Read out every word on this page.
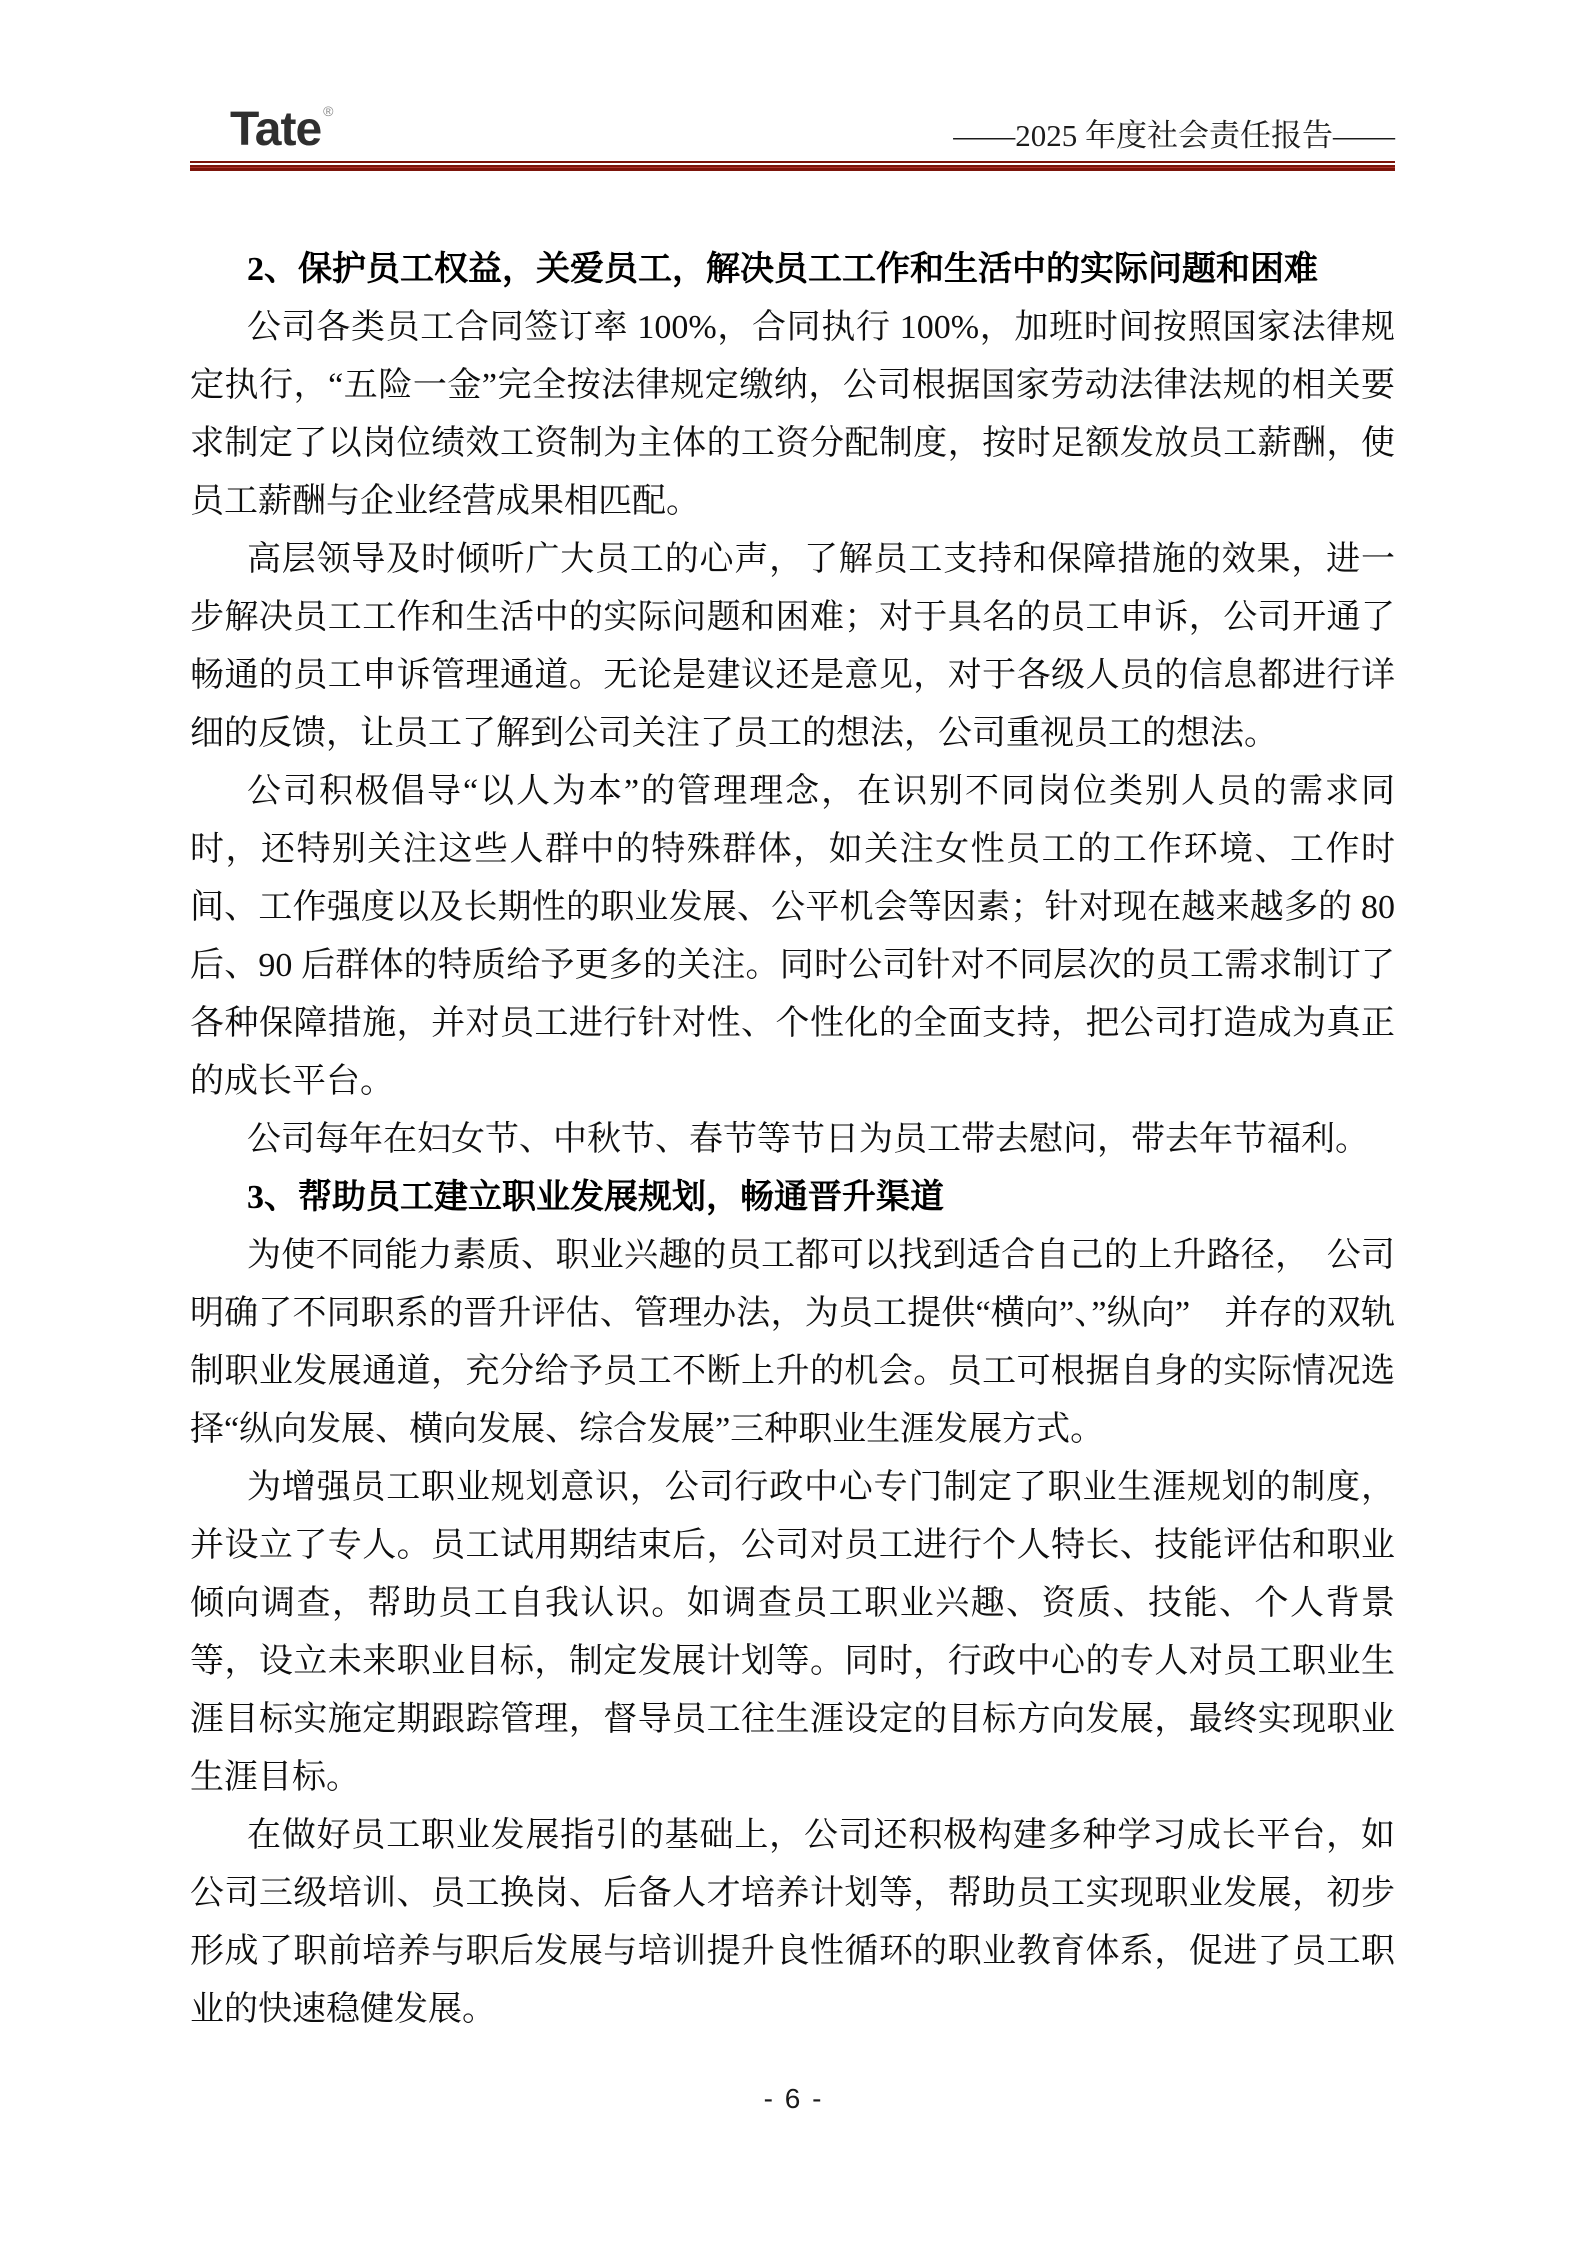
Tate ®
——2025 年度社会责任报告——

2、保护员工权益，关爱员工，解决员工工作和生活中的实际问题和困难

公司各类员工合同签订率 100%，合同执行 100%，加班时间按照国家法律规定执行，“五险一金”完全按法律规定缴纳，公司根据国家劳动法律法规的相关要求制定了以岗位绩效工资制为主体的工资分配制度，按时足额发放员工薪酬，使员工薪酬与企业经营成果相匹配。

高层领导及时倾听广大员工的心声，了解员工支持和保障措施的效果，进一步解决员工工作和生活中的实际问题和困难；对于具名的员工申诉，公司开通了畅通的员工申诉管理通道。无论是建议还是意见，对于各级人员的信息都进行详细的反馈，让员工了解到公司关注了员工的想法，公司重视员工的想法。

公司积极倡导“以人为本”的管理理念，在识别不同岗位类别人员的需求同时，还特别关注这些人群中的特殊群体，如关注女性员工的工作环境、工作时间、工作强度以及长期性的职业发展、公平机会等因素；针对现在越来越多的 80 后、90 后群体的特质给予更多的关注。同时公司针对不同层次的员工需求制订了各种保障措施，并对员工进行针对性、个性化的全面支持，把公司打造成为真正的成长平台。

公司每年在妇女节、中秋节、春节等节日为员工带去慰问，带去年节福利。

3、帮助员工建立职业发展规划，畅通晋升渠道

为使不同能力素质、职业兴趣的员工都可以找到适合自己的上升路径，　公司明确了不同职系的晋升评估、管理办法，为员工提供“横向”、”纵向”　并存的双轨制职业发展通道，充分给予员工不断上升的机会。员工可根据自身的实际情况选择“纵向发展、横向发展、综合发展”三种职业生涯发展方式。

为增强员工职业规划意识，公司行政中心专门制定了职业生涯规划的制度，并设立了专人。员工试用期结束后，公司对员工进行个人特长、技能评估和职业倾向调查，帮助员工自我认识。如调查员工职业兴趣、资质、技能、个人背景等，设立未来职业目标，制定发展计划等。同时，行政中心的专人对员工职业生涯目标实施定期跟踪管理，督导员工往生涯设定的目标方向发展，最终实现职业生涯目标。

在做好员工职业发展指引的基础上，公司还积极构建多种学习成长平台，如公司三级培训、员工换岗、后备人才培养计划等，帮助员工实现职业发展，初步形成了职前培养与职后发展与培训提升良性循环的职业教育体系，促进了员工职业的快速稳健发展。

- 6 -
